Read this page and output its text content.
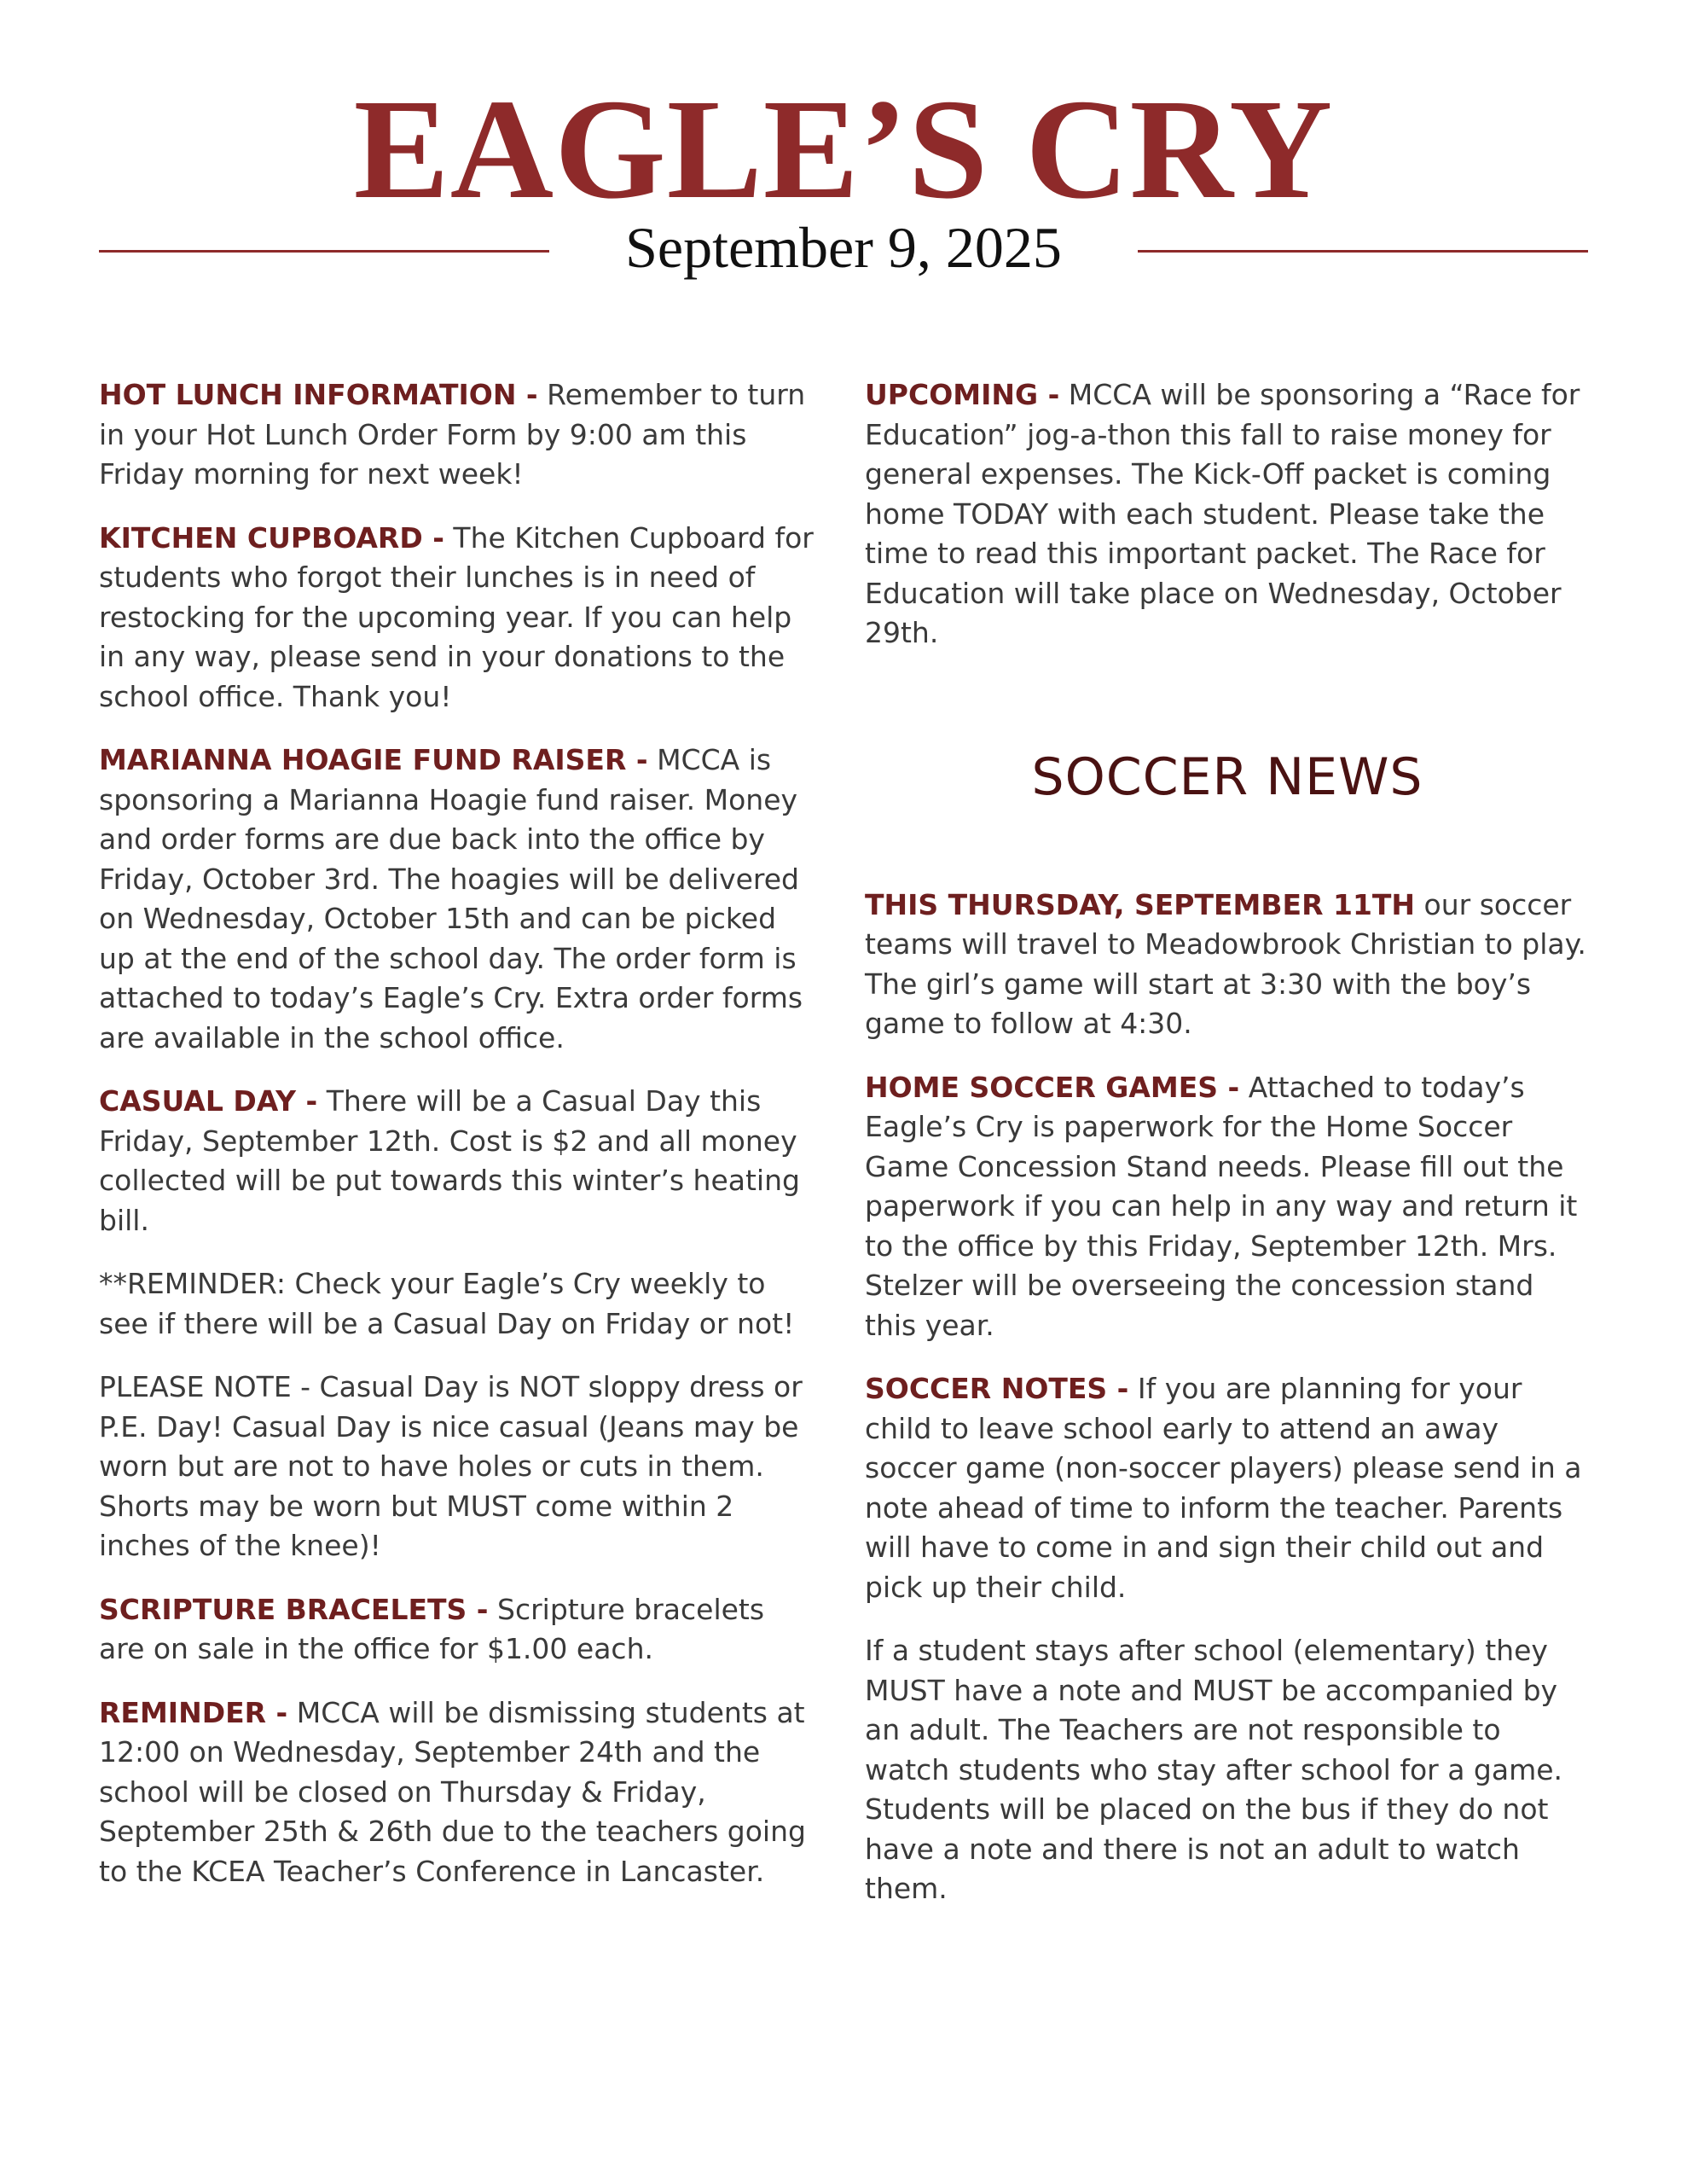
EAGLE’S CRY
September 9, 2025

HOT LUNCH INFORMATION - Remember to turn in your Hot Lunch Order Form by 9:00 am this Friday morning for next week!

KITCHEN CUPBOARD - The Kitchen Cupboard for students who forgot their lunches is in need of restocking for the upcoming year. If you can help in any way, please send in your donations to the school office. Thank you!

MARIANNA HOAGIE FUND RAISER - MCCA is sponsoring a Marianna Hoagie fund raiser. Money and order forms are due back into the office by Friday, October 3rd. The hoagies will be delivered on Wednesday, October 15th and can be picked up at the end of the school day. The order form is attached to today’s Eagle’s Cry. Extra order forms are available in the school office.

CASUAL DAY - There will be a Casual Day this Friday, September 12th. Cost is $2 and all money collected will be put towards this winter’s heating bill.

**REMINDER: Check your Eagle’s Cry weekly to see if there will be a Casual Day on Friday or not!

PLEASE NOTE - Casual Day is NOT sloppy dress or P.E. Day! Casual Day is nice casual (Jeans may be worn but are not to have holes or cuts in them. Shorts may be worn but MUST come within 2 inches of the knee)!

SCRIPTURE BRACELETS - Scripture bracelets are on sale in the office for $1.00 each.

REMINDER - MCCA will be dismissing students at 12:00 on Wednesday, September 24th and the school will be closed on Thursday & Friday, September 25th & 26th due to the teachers going to the KCEA Teacher’s Conference in Lancaster.

UPCOMING - MCCA will be sponsoring a “Race for Education” jog-a-thon this fall to raise money for general expenses. The Kick-Off packet is coming home TODAY with each student. Please take the time to read this important packet. The Race for Education will take place on Wednesday, October 29th.

SOCCER NEWS

THIS THURSDAY, SEPTEMBER 11TH our soccer teams will travel to Meadowbrook Christian to play. The girl’s game will start at 3:30 with the boy’s game to follow at 4:30.

HOME SOCCER GAMES - Attached to today’s Eagle’s Cry is paperwork for the Home Soccer Game Concession Stand needs. Please fill out the paperwork if you can help in any way and return it to the office by this Friday, September 12th. Mrs. Stelzer will be overseeing the concession stand this year.

SOCCER NOTES - If you are planning for your child to leave school early to attend an away soccer game (non-soccer players) please send in a note ahead of time to inform the teacher. Parents will have to come in and sign their child out and pick up their child.

If a student stays after school (elementary) they MUST have a note and MUST be accompanied by an adult. The Teachers are not responsible to watch students who stay after school for a game. Students will be placed on the bus if they do not have a note and there is not an adult to watch them.
